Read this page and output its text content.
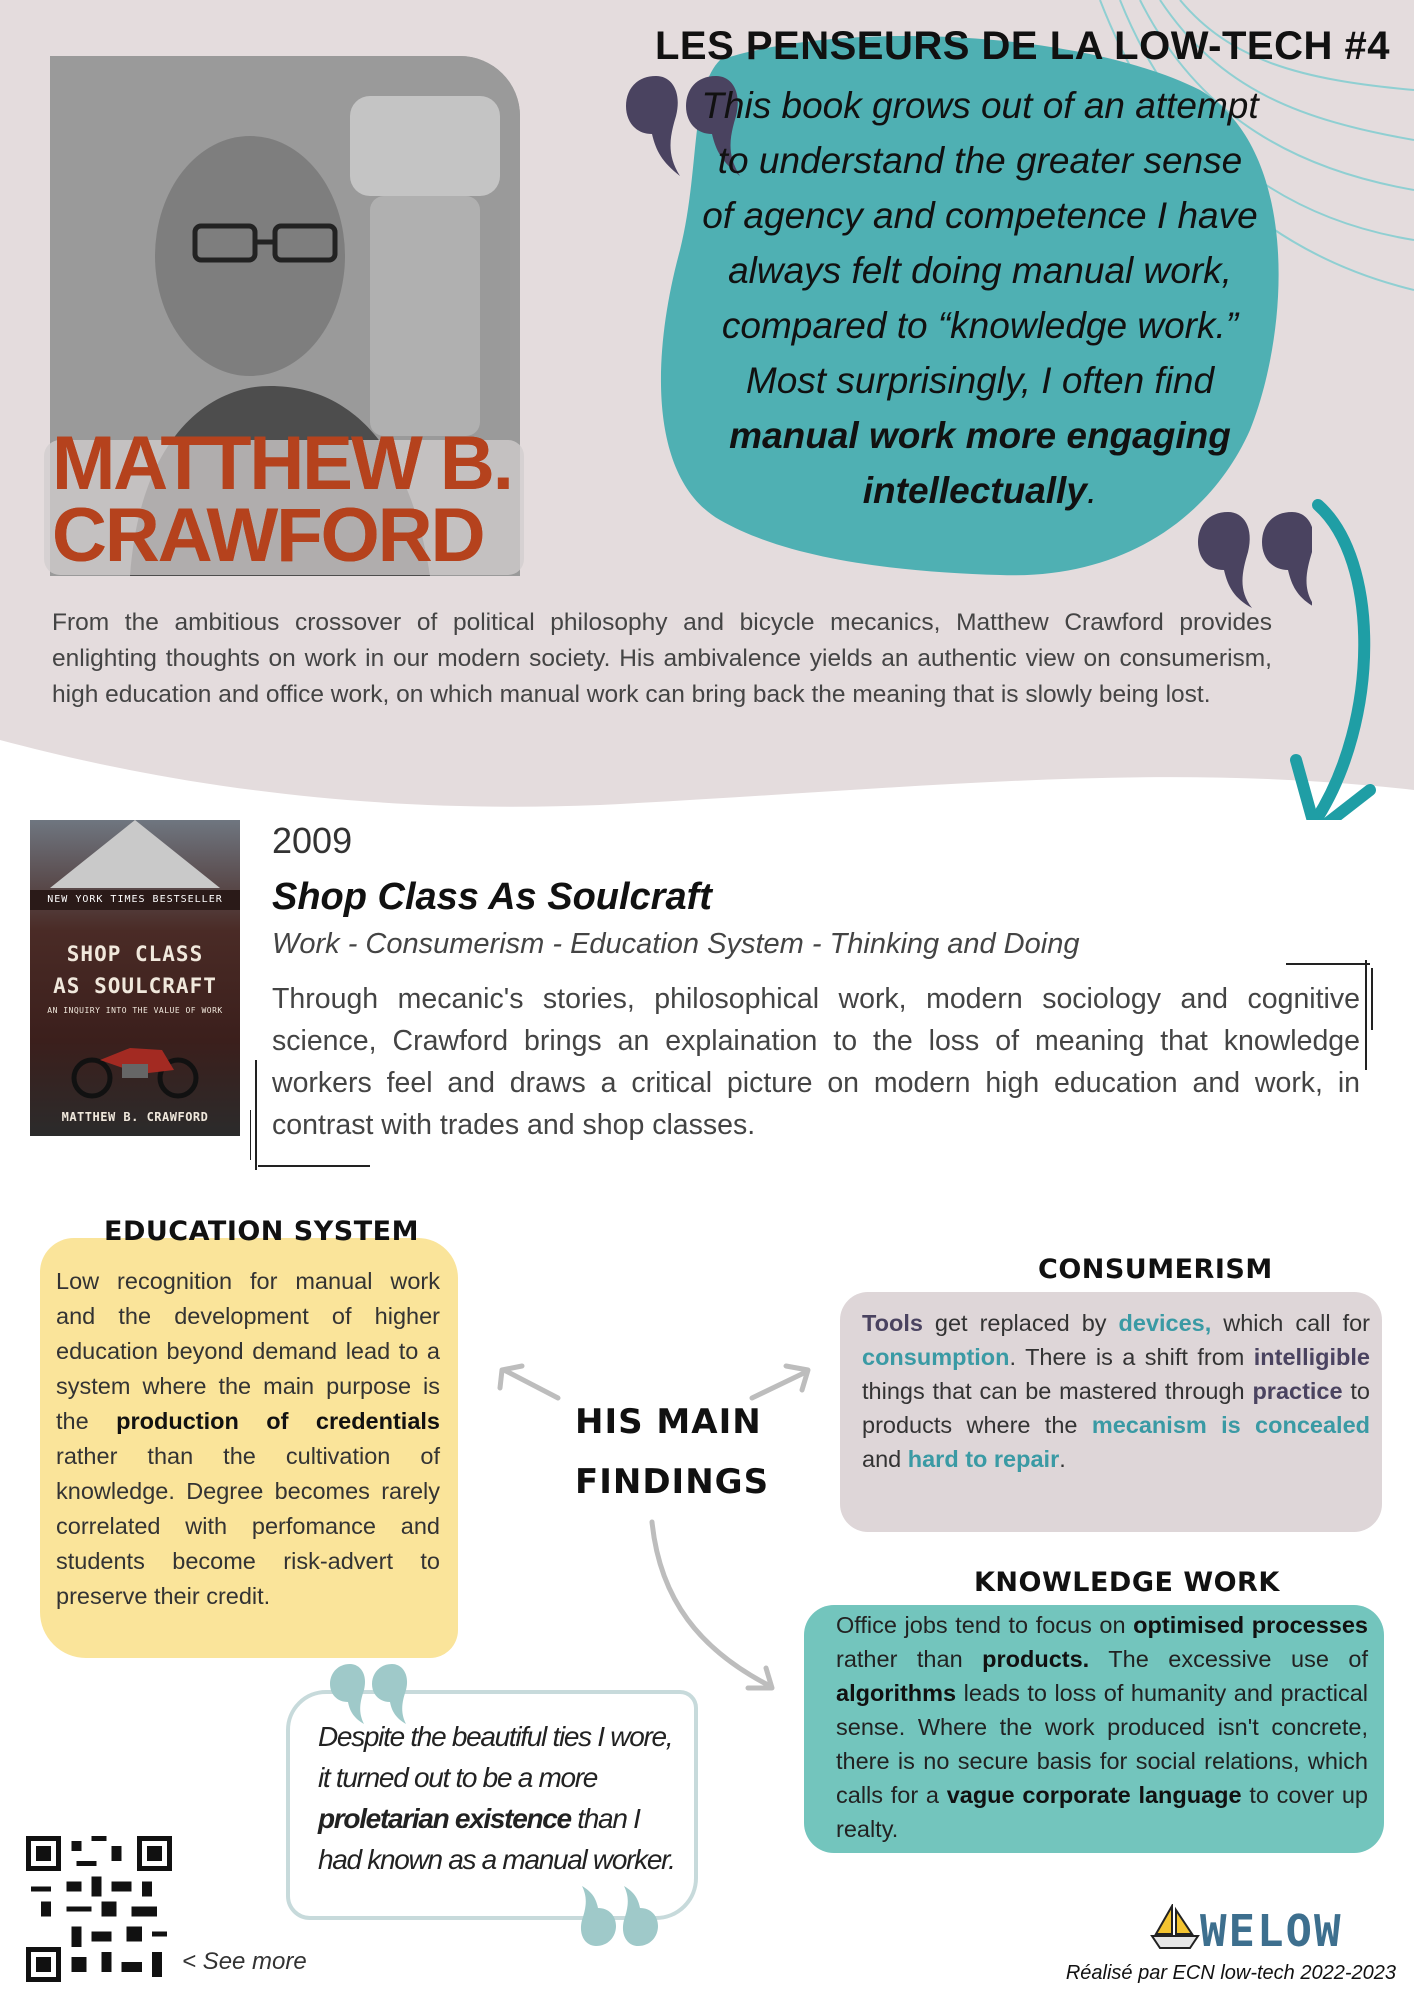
LES PENSEURS DE LA LOW-TECH #4
MATTHEW B.
CRAWFORD
This book grows out of an attempt to understand the greater sense of agency and competence I have always felt doing manual work, compared to “knowledge work.” Most surprisingly, I often find manual work more engaging intellectually.
From the ambitious crossover of political philosophy and bicycle mecanics, Matthew Crawford provides enlighting thoughts on work in our modern society. His ambivalence yields an authentic view on consumerism, high education and office work, on which manual work can bring back the meaning that is slowly being lost.
NEW YORK TIMES BESTSELLER
SHOP CLASS
AS SOULCRAFT
AN INQUIRY INTO THE VALUE OF WORK
MATTHEW B. CRAWFORD
2009
Shop Class As Soulcraft
Work - Consumerism - Education System - Thinking and Doing
Through mecanic's stories, philosophical work, modern sociology and cognitive science, Crawford brings an explaination to the loss of meaning that knowledge workers feel and draws a critical picture on modern high education and work, in contrast with trades and shop classes.
HIS MAIN
FINDINGS
EDUCATION SYSTEM
Low recognition for manual work and the development of higher education beyond demand lead to a system where the main purpose is the production of credentials rather than the cultivation of knowledge. Degree becomes rarely correlated with perfomance and students become risk-advert to preserve their credit.
CONSUMERISM
Tools get replaced by devices, which call for consumption. There is a shift from intelligible things that can be mastered through practice to products where the mecanism is concealed and hard to repair.
KNOWLEDGE WORK
Office jobs tend to focus on optimised processes rather than products. The excessive use of algorithms leads to loss of humanity and practical sense. Where the work produced isn't concrete, there is no secure basis for social relations, which calls for a vague corporate language to cover up realty.
Despite the beautiful ties I wore, it turned out to be a more proletarian existence than I had known as a manual worker.
< See more
WELOW
Réalisé par ECN low-tech 2022-2023
